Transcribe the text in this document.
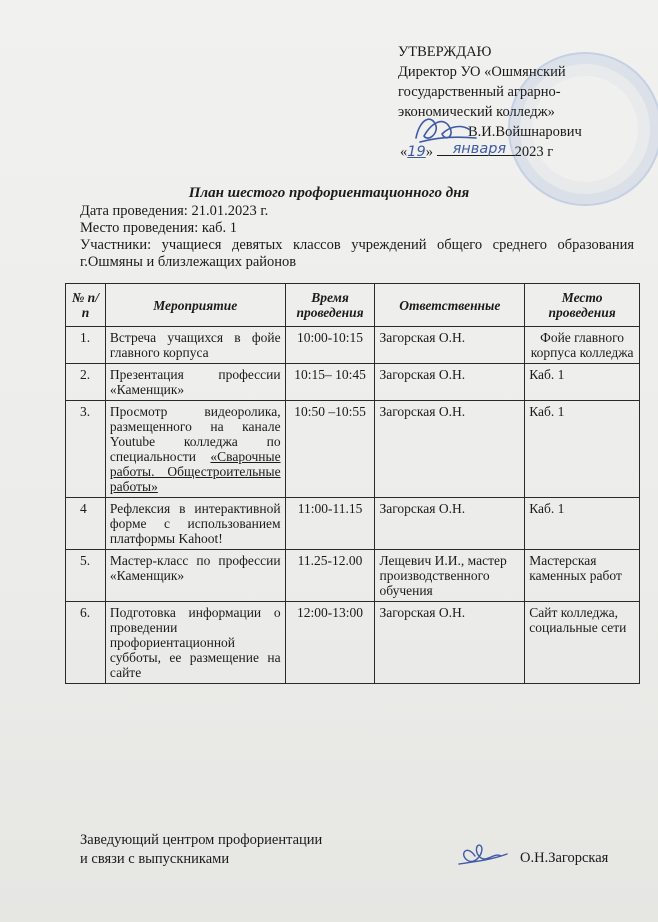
УТВЕРЖДАЮ
Директор УО «Ошмянский
государственный аграрно-
экономический колледж»
В.И.Войшнарович
«19» января 2023 г
План шестого профориентационного дня
Дата проведения: 21.01.2023 г.
Место проведения: каб. 1
Участники: учащиеся девятых классов учреждений общего среднего образования г.Ошмяны и близлежащих районов
№ п/п	Мероприятие	Время проведения	Ответственные	Место проведения
1.	Встреча учащихся в фойе главного корпуса	10:00-10:15	Загорская О.Н.	Фойе главного корпуса колледжа
2.	Презентация профессии «Каменщик»	10:15– 10:45	Загорская О.Н.	Каб. 1
3.	Просмотр видеоролика, размещенного на канале Youtube колледжа по специальности «Сварочные работы. Общестроительные работы»	10:50 –10:55	Загорская О.Н.	Каб. 1
4	Рефлексия в интерактивной форме с использованием платформы Kahoot!	11:00-11.15	Загорская О.Н.	Каб. 1
5.	Мастер-класс по профессии «Каменщик»	11.25-12.00	Лещевич И.И., мастер производственного обучения	Мастерская каменных работ
6.	Подготовка информации о проведении профориентационной субботы, ее размещение на сайте	12:00-13:00	Загорская О.Н.	Сайт колледжа, социальные сети
Заведующий центром профориентации
и связи с выпускниками	О.Н.Загорская
